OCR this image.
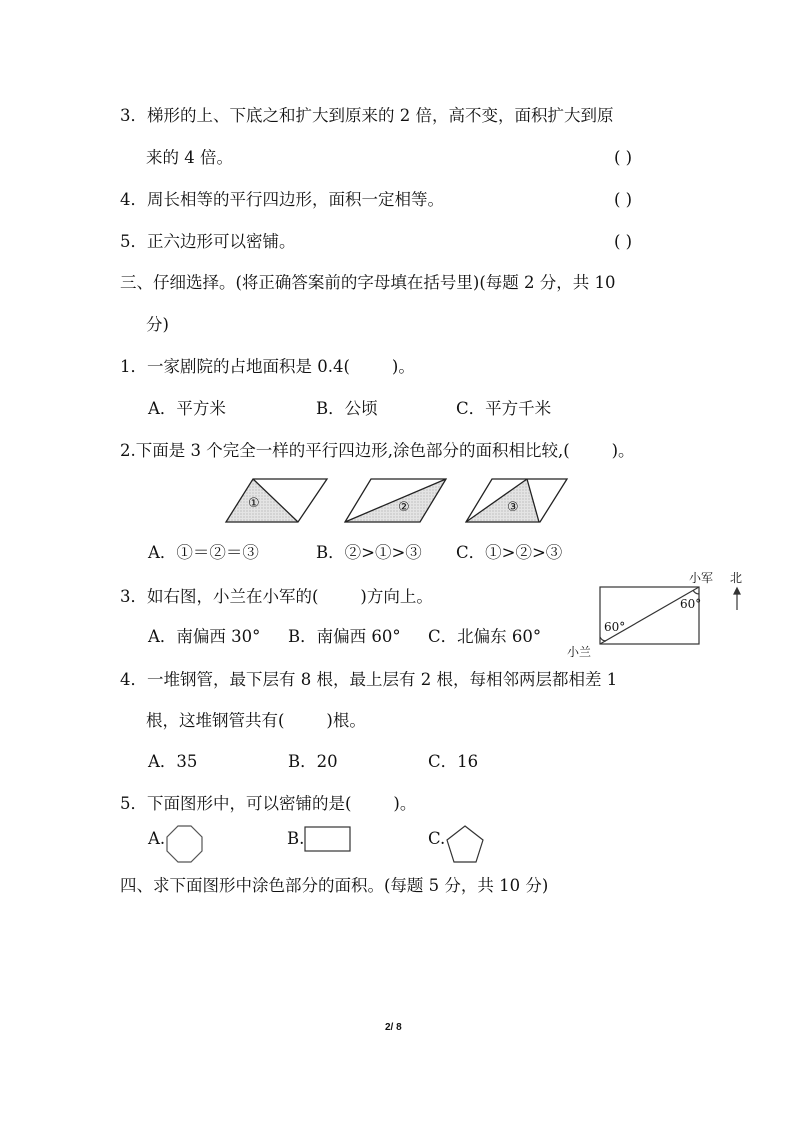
3．梯形的上、下底之和扩大到原来的 2 倍，高不变，面积扩大到原
来的 4 倍。	( )
4．周长相等的平行四边形，面积一定相等。	( )
5．正六边形可以密铺。	( )
三、仔细选择。(将正确答案前的字母填在括号里)(每题 2 分，共 10
分)
1．一家剧院的占地面积是 0.4(        )。
A．平方米	B．公顷	C．平方千米
2.下面是 3 个完全一样的平行四边形,涂色部分的面积相比较,(        )。
①	②	③
A．①＝②＝③	B．②>①>③ C．①>②>③
3．如右图，小兰在小军的(        )方向上。
小军 北
小兰
60°
60°
A．南偏西 30° B．南偏西 60° C．北偏东 60°
4．一堆钢管，最下层有 8 根，最上层有 2 根，每相邻两层都相差 1
根，这堆钢管共有(        )根。
A．35	B．20	C．16
5．下面图形中，可以密铺的是(        )。
A.	B.	C.
四、求下面图形中涂色部分的面积。(每题 5 分，共 10 分)
2/ 8
